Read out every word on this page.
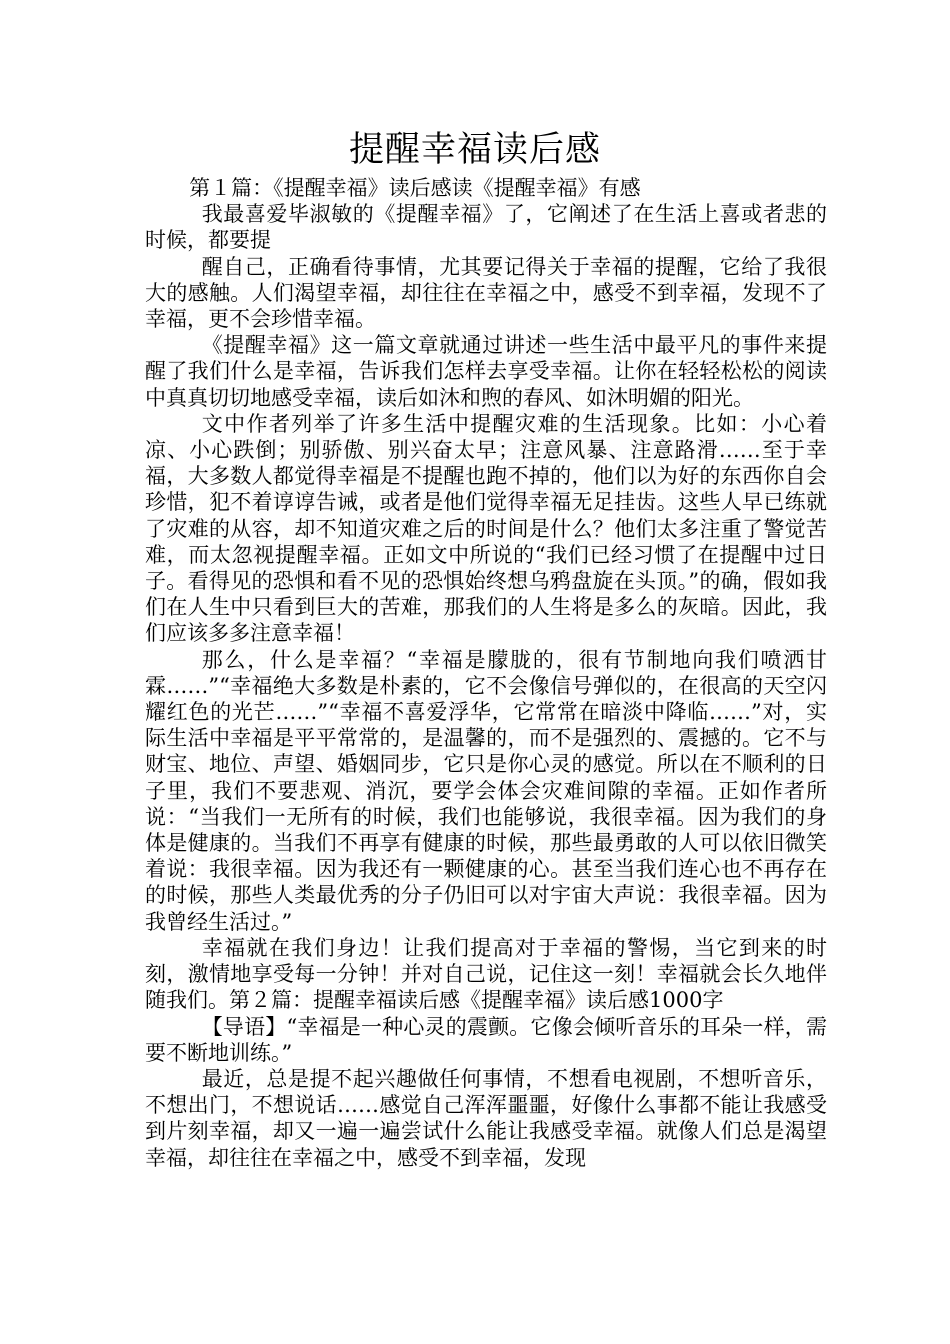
提醒幸福读后感

第１篇：《提醒幸福》读后感读《提醒幸福》有感

我最喜爱毕淑敏的《提醒幸福》了，它阐述了在生活上喜或者悲的时候，都要提

醒自己，正确看待事情，尤其要记得关于幸福的提醒，它给了我很大的感触。人们渴望幸福，却往往在幸福之中，感受不到幸福，发现不了幸福，更不会珍惜幸福。

《提醒幸福》这一篇文章就通过讲述一些生活中最平凡的事件来提醒了我们什么是幸福，告诉我们怎样去享受幸福。让你在轻轻松松的阅读中真真切切地感受幸福，读后如沐和煦的春风、如沐明媚的阳光。

文中作者列举了许多生活中提醒灾难的生活现象。比如：小心着凉、小心跌倒；别骄傲、别兴奋太早；注意风暴、注意路滑……至于幸福，大多数人都觉得幸福是不提醒也跑不掉的，他们以为好的东西你自会珍惜，犯不着谆谆告诫，或者是他们觉得幸福无足挂齿。这些人早已练就了灾难的从容，却不知道灾难之后的时间是什么？他们太多注重了警觉苦难，而太忽视提醒幸福。正如文中所说的“我们已经习惯了在提醒中过日子。看得见的恐惧和看不见的恐惧始终想乌鸦盘旋在头顶。”的确，假如我们在人生中只看到巨大的苦难，那我们的人生将是多么的灰暗。因此，我们应该多多注意幸福！

那么，什么是幸福？“幸福是朦胧的，很有节制地向我们喷洒甘霖……”“幸福绝大多数是朴素的，它不会像信号弹似的，在很高的天空闪耀红色的光芒……”“幸福不喜爱浮华，它常常在暗淡中降临……”对，实际生活中幸福是平平常常的，是温馨的，而不是强烈的、震撼的。它不与财宝、地位、声望、婚姻同步，它只是你心灵的感觉。所以在不顺利的日子里，我们不要悲观、消沉，要学会体会灾难间隙的幸福。正如作者所说：“当我们一无所有的时候，我们也能够说，我很幸福。因为我们的身体是健康的。当我们不再享有健康的时候，那些最勇敢的人可以依旧微笑着说：我很幸福。因为我还有一颗健康的心。甚至当我们连心也不再存在的时候，那些人类最优秀的分子仍旧可以对宇宙大声说：我很幸福。因为我曾经生活过。”

幸福就在我们身边！让我们提高对于幸福的警惕，当它到来的时刻，激情地享受每一分钟！并对自己说，记住这一刻！幸福就会长久地伴随我们。第２篇：提醒幸福读后感《提醒幸福》读后感1000字

【导语】“幸福是一种心灵的震颤。它像会倾听音乐的耳朵一样，需要不断地训练。”

最近，总是提不起兴趣做任何事情，不想看电视剧，不想听音乐，不想出门，不想说话……感觉自己浑浑噩噩，好像什么事都不能让我感受到片刻幸福，却又一遍一遍尝试什么能让我感受幸福。就像人们总是渴望幸福，却往往在幸福之中，感受不到幸福，发现
